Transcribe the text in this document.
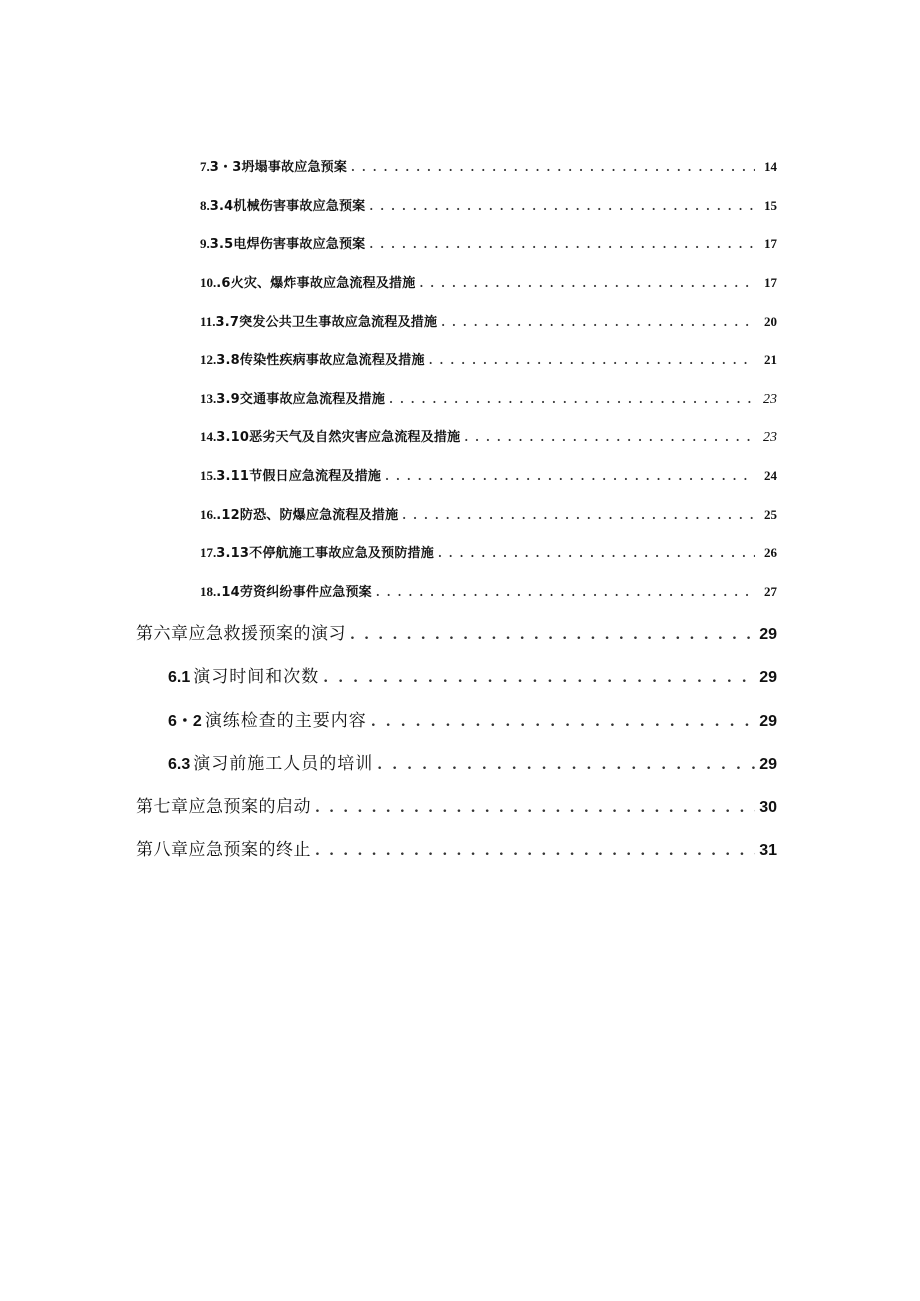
7. 3・3坍塌事故应急预案 . . .	14
8. 3.4机械伤害事故应急预案 . . .	15
9. 3.5电焊伤害事故应急预案 . . .	17
10. .6火灾、爆炸事故应急流程及措施 . . .	17
11. 3.7突发公共卫生事故应急流程及措施 . . .	20
12. 3.8传染性疾病事故应急流程及措施 . . .	21
13. 3.9交通事故应急流程及措施 . . .	23
14. 3.10恶劣天气及自然灾害应急流程及措施 . . .	23
15. 3.11节假日应急流程及措施 . . .	24
16. .12防恐、防爆应急流程及措施 . . .	25
17. 3.13不停航施工事故应急及预防措施 . . .	26
18. .14劳资纠纷事件应急预案 . . .	27
第六章应急救援预案的演习 . . .	29
6.1 演习时间和次数 . . .	29
6・2 演练检查的主要内容 . . .	29
6.3 演习前施工人员的培训 . . .	29
第七章应急预案的启动 . . .	30
第八章应急预案的终止 . . .	31
